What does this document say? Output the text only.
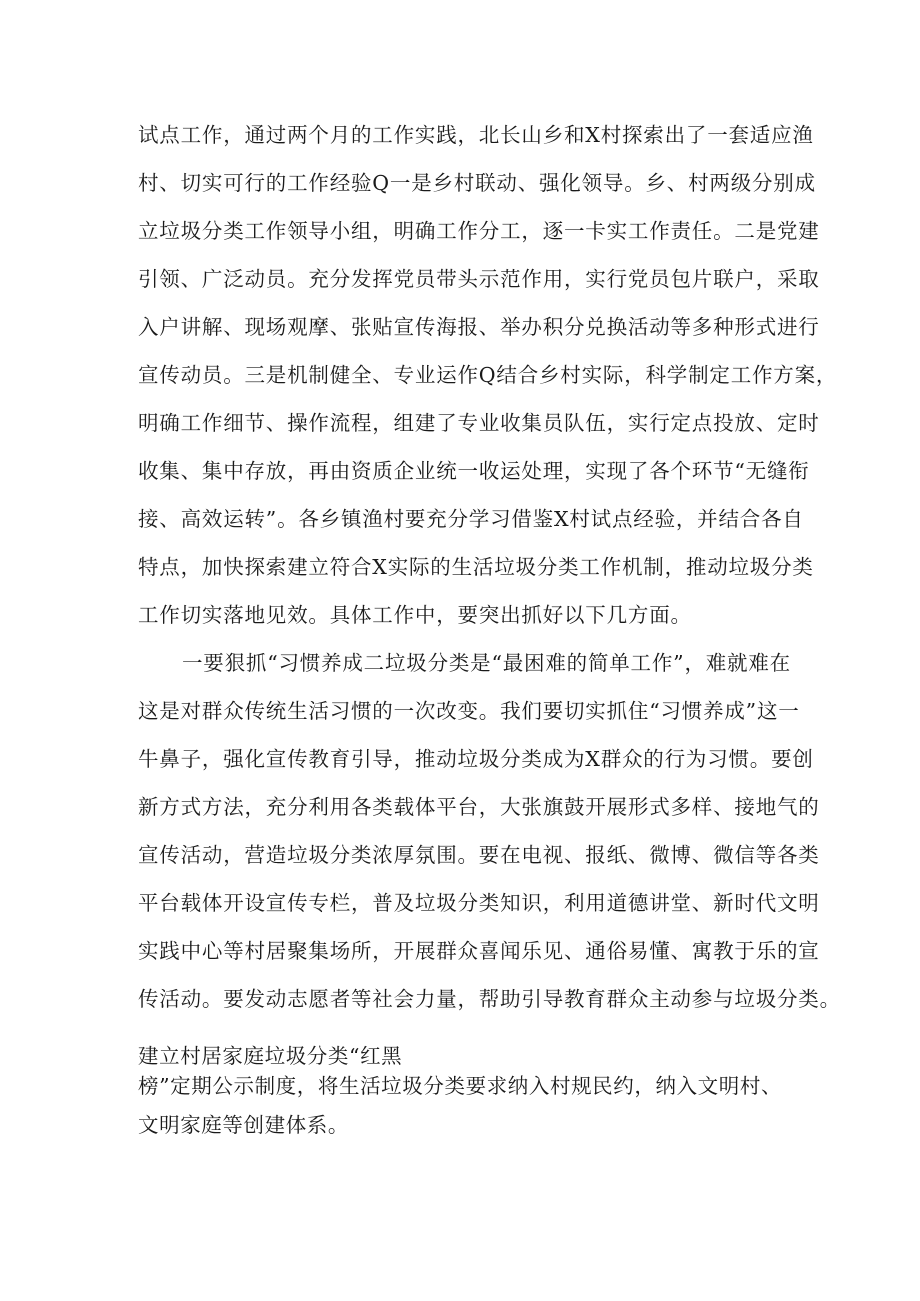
试点工作，通过两个月的工作实践，北长山乡和X村探索出了一套适应渔
村、切实可行的工作经验Q一是乡村联动、强化领导。乡、村两级分别成
立垃圾分类工作领导小组，明确工作分工，逐一卡实工作责任。二是党建
引领、广泛动员。充分发挥党员带头示范作用，实行党员包片联户，采取
入户讲解、现场观摩、张贴宣传海报、举办积分兑换活动等多种形式进行
宣传动员。三是机制健全、专业运作Q结合乡村实际，科学制定工作方案，
明确工作细节、操作流程，组建了专业收集员队伍，实行定点投放、定时
收集、集中存放，再由资质企业统一收运处理，实现了各个环节“无缝衔
接、高效运转”。各乡镇渔村要充分学习借鉴X村试点经验，并结合各自
特点，加快探索建立符合X实际的生活垃圾分类工作机制，推动垃圾分类
工作切实落地见效。具体工作中，要突出抓好以下几方面。
一要狠抓“习惯养成二垃圾分类是“最困难的简单工作”，难就难在
这是对群众传统生活习惯的一次改变。我们要切实抓住“习惯养成”这一
牛鼻子，强化宣传教育引导，推动垃圾分类成为X群众的行为习惯。要创
新方式方法，充分利用各类载体平台，大张旗鼓开展形式多样、接地气的
宣传活动，营造垃圾分类浓厚氛围。要在电视、报纸、微博、微信等各类
平台载体开设宣传专栏，普及垃圾分类知识，利用道德讲堂、新时代文明
实践中心等村居聚集场所，开展群众喜闻乐见、通俗易懂、寓教于乐的宣
传活动。要发动志愿者等社会力量，帮助引导教育群众主动参与垃圾分类。
建立村居家庭垃圾分类“红黑
榜”定期公示制度，将生活垃圾分类要求纳入村规民约，纳入文明村、
文明家庭等创建体系。
